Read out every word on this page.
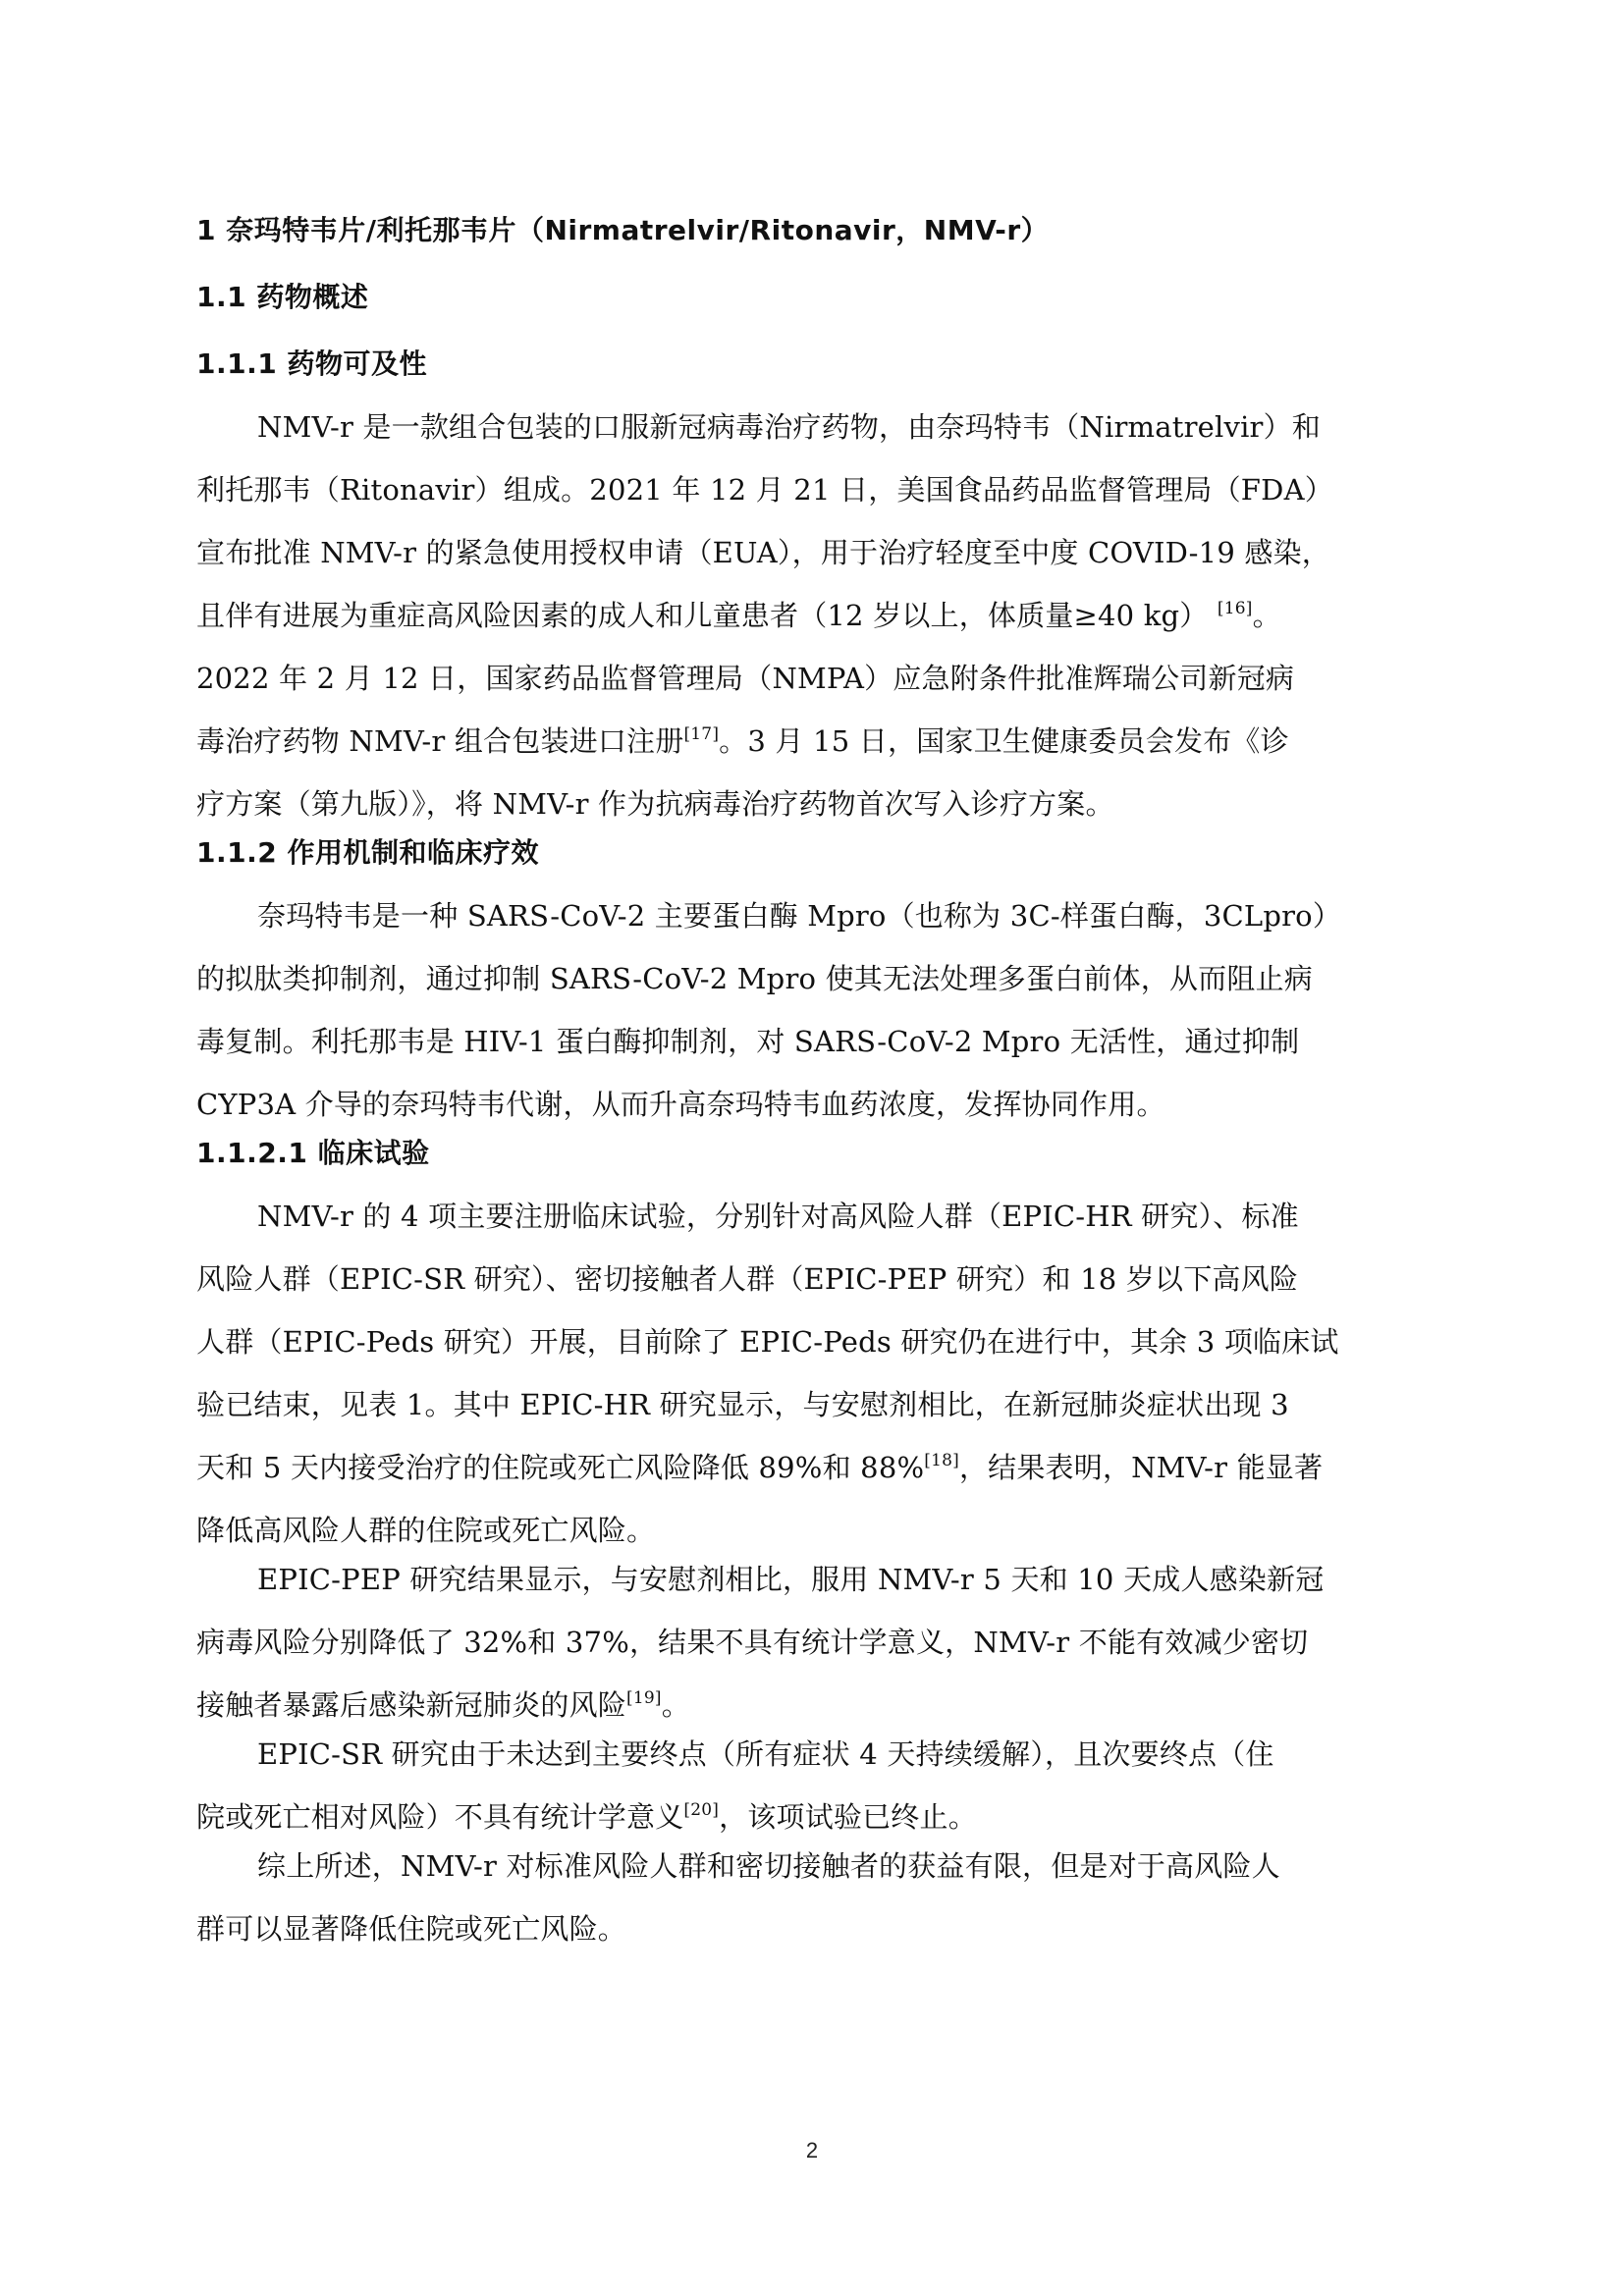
1 奈玛特韦片/利托那韦片（Nirmatrelvir/Ritonavir，NMV-r）
1.1 药物概述
1.1.1 药物可及性
NMV-r 是一款组合包装的口服新冠病毒治疗药物，由奈玛特韦（Nirmatrelvir）和
利托那韦（Ritonavir）组成。2021 年 12 月 21 日，美国食品药品监督管理局（FDA）
宣布批准 NMV-r 的紧急使用授权申请（EUA），用于治疗轻度至中度 COVID-19 感染，
且伴有进展为重症高风险因素的成人和儿童患者（12 岁以上，体质量≥40 kg） [16]。
2022 年 2 月 12 日，国家药品监督管理局（NMPA）应急附条件批准辉瑞公司新冠病
毒治疗药物 NMV-r 组合包装进口注册[17]。3 月 15 日，国家卫生健康委员会发布《诊
疗方案（第九版）》，将 NMV-r 作为抗病毒治疗药物首次写入诊疗方案。
1.1.2 作用机制和临床疗效
奈玛特韦是一种 SARS-CoV-2 主要蛋白酶 Mpro（也称为 3C-样蛋白酶，3CLpro）
的拟肽类抑制剂，通过抑制 SARS-CoV-2 Mpro 使其无法处理多蛋白前体，从而阻止病
毒复制。利托那韦是 HIV-1 蛋白酶抑制剂，对 SARS-CoV-2 Mpro 无活性，通过抑制
CYP3A 介导的奈玛特韦代谢，从而升高奈玛特韦血药浓度，发挥协同作用。
1.1.2.1 临床试验
NMV-r 的 4 项主要注册临床试验，分别针对高风险人群（EPIC-HR 研究）、标准
风险人群（EPIC-SR 研究）、密切接触者人群（EPIC-PEP 研究）和 18 岁以下高风险
人群（EPIC-Peds 研究）开展，目前除了 EPIC-Peds 研究仍在进行中，其余 3 项临床试
验已结束，见表 1。其中 EPIC-HR 研究显示，与安慰剂相比，在新冠肺炎症状出现 3
天和 5 天内接受治疗的住院或死亡风险降低 89%和 88%[18]，结果表明，NMV-r 能显著
降低高风险人群的住院或死亡风险。
EPIC-PEP 研究结果显示，与安慰剂相比，服用 NMV-r 5 天和 10 天成人感染新冠
病毒风险分别降低了 32%和 37%，结果不具有统计学意义，NMV-r 不能有效减少密切
接触者暴露后感染新冠肺炎的风险[19]。
EPIC-SR 研究由于未达到主要终点（所有症状 4 天持续缓解），且次要终点（住
院或死亡相对风险）不具有统计学意义[20]，该项试验已终止。
综上所述，NMV-r 对标准风险人群和密切接触者的获益有限，但是对于高风险人
群可以显著降低住院或死亡风险。
2
